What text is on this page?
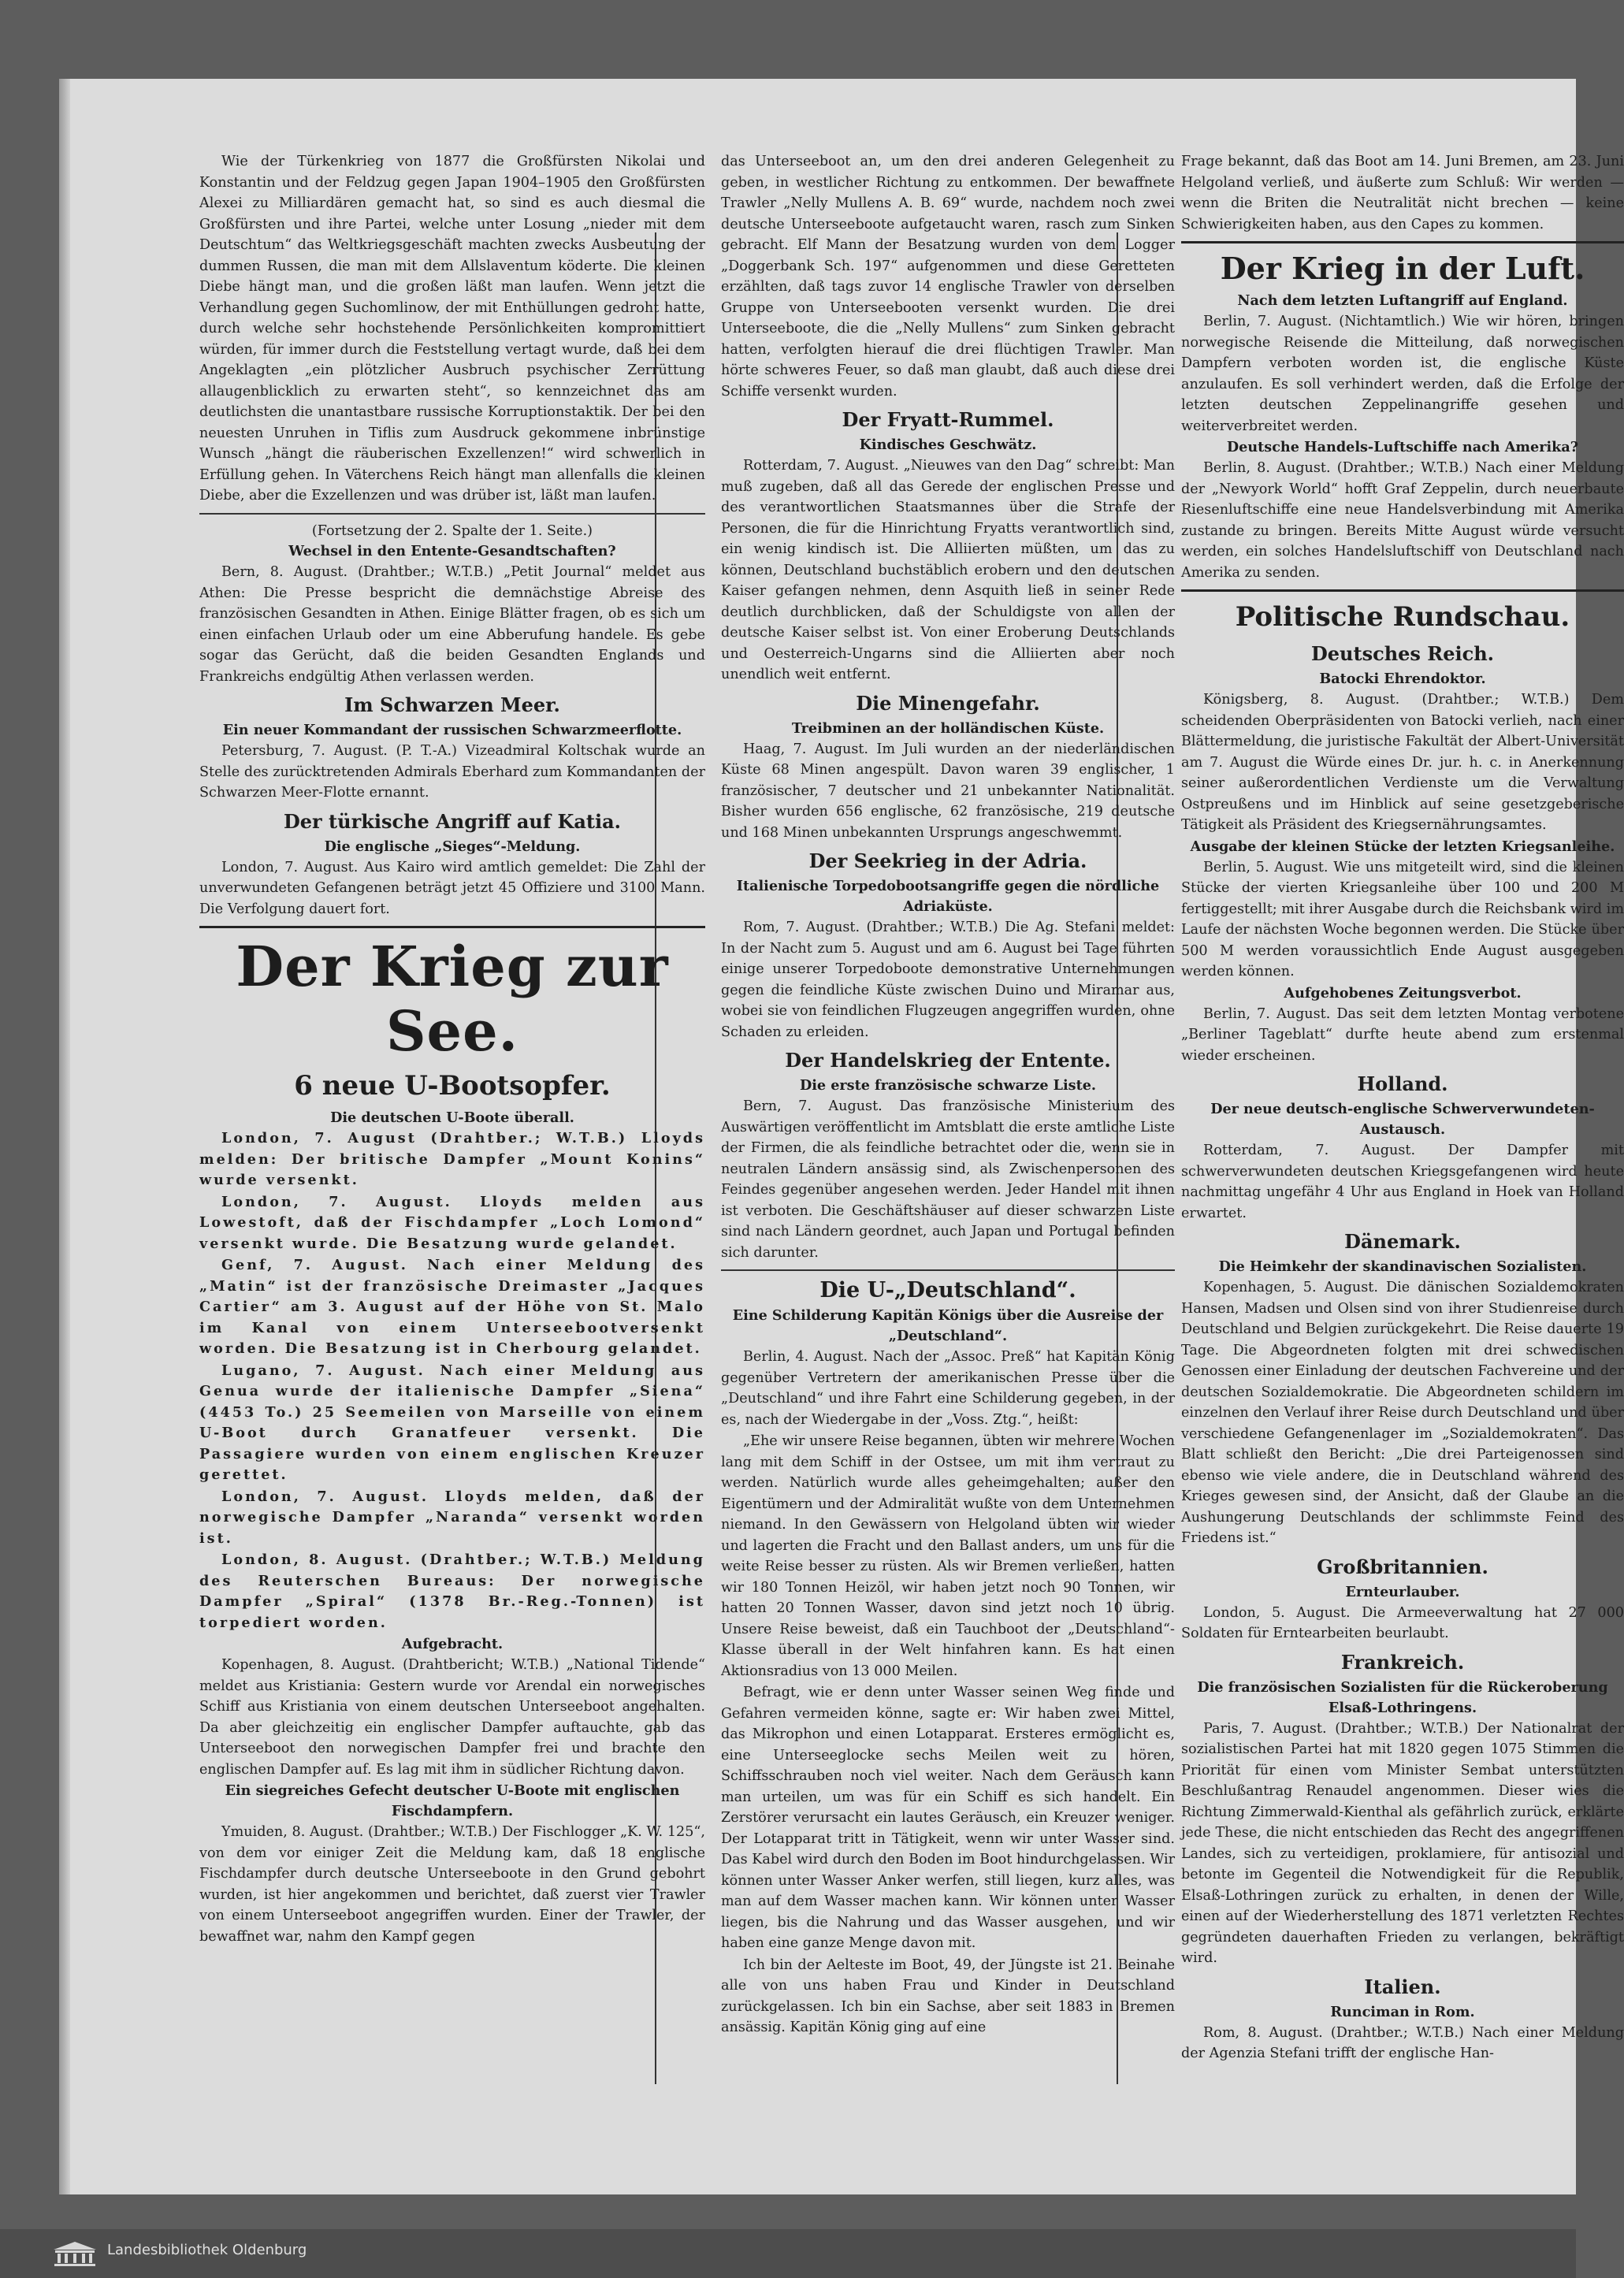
Wie der Türkenkrieg von 1877 die Großfürsten Nikolai und Konstantin und der Feldzug gegen Japan 1904–1905 den Großfürsten Alexei zu Milliardären gemacht hat, so sind es auch diesmal die Großfürsten und ihre Partei, welche unter Losung „nieder mit dem Deutschtum“ das Weltkriegsgeschäft machten zwecks Ausbeutung der dummen Russen, die man mit dem Allslaventum köderte. Die kleinen Diebe hängt man, und die großen läßt man laufen. Wenn jetzt die Verhandlung gegen Suchomlinow, der mit Enthüllungen gedroht hatte, durch welche sehr hochstehende Persönlichkeiten kompromittiert würden, für immer durch die Feststellung vertagt wurde, daß bei dem Angeklagten „ein plötzlicher Ausbruch psychischer Zerrüttung allaugenblicklich zu erwarten steht“, so kennzeichnet das am deutlichsten die unantastbare russische Korruptionstaktik. Der bei den neuesten Unruhen in Tiflis zum Ausdruck gekommene inbrünstige Wunsch „hängt die räuberischen Exzellenzen!“ wird schwerlich in Erfüllung gehen. In Väterchens Reich hängt man allenfalls die kleinen Diebe, aber die Exzellenzen und was drüber ist, läßt man laufen.

(Fortsetzung der 2. Spalte der 1. Seite.)

Wechsel in den Entente-Gesandtschaften?

Bern, 8. August. (Drahtber.; W.T.B.) „Petit Journal“ meldet aus Athen: Die Presse bespricht die demnächstige Abreise des französischen Gesandten in Athen. Einige Blätter fragen, ob es sich um einen einfachen Urlaub oder um eine Abberufung handele. Es gebe sogar das Gerücht, daß die beiden Gesandten Englands und Frankreichs endgültig Athen verlassen werden.

Im Schwarzen Meer.
Ein neuer Kommandant der russischen Schwarzmeerflotte.

Petersburg, 7. August. (P. T.-A.) Vizeadmiral Koltschak wurde an Stelle des zurücktretenden Admirals Eberhard zum Kommandanten der Schwarzen Meer-Flotte ernannt.

Der türkische Angriff auf Katia.
Die englische „Sieges“-Meldung.

London, 7. August. Aus Kairo wird amtlich gemeldet: Die Zahl der unverwundeten Gefangenen beträgt jetzt 45 Offiziere und 3100 Mann. Die Verfolgung dauert fort.

Der Krieg zur See.
6 neue U-Bootsopfer.
Die deutschen U-Boote überall.

London, 7. August (Drahtber.; W.T.B.) Lloyds melden: Der britische Dampfer „Mount Konins“ wurde versenkt.

London, 7. August. Lloyds melden aus Lowestoft, daß der Fischdampfer „Loch Lomond“ versenkt wurde. Die Besatzung wurde gelandet.

Genf, 7. August. Nach einer Meldung des „Matin“ ist der französische Dreimaster „Jacques Cartier“ am 3. August auf der Höhe von St. Malo im Kanal von einem Unterseebootversenkt worden. Die Besatzung ist in Cherbourg gelandet.

Lugano, 7. August. Nach einer Meldung aus Genua wurde der italienische Dampfer „Siena“ (4453 To.) 25 Seemeilen von Marseille von einem U-Boot durch Granatfeuer versenkt. Die Passagiere wurden von einem englischen Kreuzer gerettet.

London, 7. August. Lloyds melden, daß der norwegische Dampfer „Naranda“ versenkt worden ist.

London, 8. August. (Drahtber.; W.T.B.) Meldung des Reuterschen Bureaus: Der norwegische Dampfer „Spiral“ (1378 Br.-Reg.-Tonnen) ist torpediert worden.

Aufgebracht.

Kopenhagen, 8. August. (Drahtbericht; W.T.B.) „National Tidende“ meldet aus Kristiania: Gestern wurde vor Arendal ein norwegisches Schiff aus Kristiania von einem deutschen Unterseeboot angehalten. Da aber gleichzeitig ein englischer Dampfer auftauchte, gab das Unterseeboot den norwegischen Dampfer frei und brachte den englischen Dampfer auf. Es lag mit ihm in südlicher Richtung davon.

Ein siegreiches Gefecht deutscher U-Boote mit englischen Fischdampfern.

Ymuiden, 8. August. (Drahtber.; W.T.B.) Der Fischlogger „K. W. 125“, von dem vor einiger Zeit die Meldung kam, daß 18 englische Fischdampfer durch deutsche Unterseeboote in den Grund gebohrt wurden, ist hier angekommen und berichtet, daß zuerst vier Trawler von einem Unterseeboot angegriffen wurden. Einer der Trawler, der bewaffnet war, nahm den Kampf gegen

das Unterseeboot an, um den drei anderen Gelegenheit zu geben, in westlicher Richtung zu entkommen. Der bewaffnete Trawler „Nelly Mullens A. B. 69“ wurde, nachdem noch zwei deutsche Unterseeboote aufgetaucht waren, rasch zum Sinken gebracht. Elf Mann der Besatzung wurden von dem Logger „Doggerbank Sch. 197“ aufgenommen und diese Geretteten erzählten, daß tags zuvor 14 englische Trawler von derselben Gruppe von Unterseebooten versenkt wurden. Die drei Unterseeboote, die die „Nelly Mullens“ zum Sinken gebracht hatten, verfolgten hierauf die drei flüchtigen Trawler. Man hörte schweres Feuer, so daß man glaubt, daß auch diese drei Schiffe versenkt wurden.

Der Fryatt-Rummel.
Kindisches Geschwätz.

Rotterdam, 7. August. „Nieuwes van den Dag“ schreibt: Man muß zugeben, daß all das Gerede der englischen Presse und des verantwortlichen Staatsmannes über die Strafe der Personen, die für die Hinrichtung Fryatts verantwortlich sind, ein wenig kindisch ist. Die Alliierten müßten, um das zu können, Deutschland buchstäblich erobern und den deutschen Kaiser gefangen nehmen, denn Asquith ließ in seiner Rede deutlich durchblicken, daß der Schuldigste von allen der deutsche Kaiser selbst ist. Von einer Eroberung Deutschlands und Oesterreich-Ungarns sind die Alliierten aber noch unendlich weit entfernt.

Die Minengefahr.
Treibminen an der holländischen Küste.

Haag, 7. August. Im Juli wurden an der niederländischen Küste 68 Minen angespült. Davon waren 39 englischer, 1 französischer, 7 deutscher und 21 unbekannter Nationalität. Bisher wurden 656 englische, 62 französische, 219 deutsche und 168 Minen unbekannten Ursprungs angeschwemmt.

Der Seekrieg in der Adria.
Italienische Torpedobootsangriffe gegen die nördliche Adriaküste.

Rom, 7. August. (Drahtber.; W.T.B.) Die Ag. Stefani meldet: In der Nacht zum 5. August und am 6. August bei Tage führten einige unserer Torpedoboote demonstrative Unternehmungen gegen die feindliche Küste zwischen Duino und Miramar aus, wobei sie von feindlichen Flugzeugen angegriffen wurden, ohne Schaden zu erleiden.

Der Handelskrieg der Entente.
Die erste französische schwarze Liste.

Bern, 7. August. Das französische Ministerium des Auswärtigen veröffentlicht im Amtsblatt die erste amtliche Liste der Firmen, die als feindliche betrachtet oder die, wenn sie in neutralen Ländern ansässig sind, als Zwischenpersonen des Feindes gegenüber angesehen werden. Jeder Handel mit ihnen ist verboten. Die Geschäftshäuser auf dieser schwarzen Liste sind nach Ländern geordnet, auch Japan und Portugal befinden sich darunter.

Die U-„Deutschland“.
Eine Schilderung Kapitän Königs über die Ausreise der „Deutschland“.

Berlin, 4. August. Nach der „Assoc. Preß“ hat Kapitän König gegenüber Vertretern der amerikanischen Presse über die „Deutschland“ und ihre Fahrt eine Schilderung gegeben, in der es, nach der Wiedergabe in der „Voss. Ztg.“, heißt:

„Ehe wir unsere Reise begannen, übten wir mehrere Wochen lang mit dem Schiff in der Ostsee, um mit ihm vertraut zu werden. Natürlich wurde alles geheimgehalten; außer den Eigentümern und der Admiralität wußte von dem Unternehmen niemand. In den Gewässern von Helgoland übten wir wieder und lagerten die Fracht und den Ballast anders, um uns für die weite Reise besser zu rüsten. Als wir Bremen verließen, hatten wir 180 Tonnen Heizöl, wir haben jetzt noch 90 Tonnen, wir hatten 20 Tonnen Wasser, davon sind jetzt noch 10 übrig. Unsere Reise beweist, daß ein Tauchboot der „Deutschland“-Klasse überall in der Welt hinfahren kann. Es hat einen Aktionsradius von 13 000 Meilen.

Befragt, wie er denn unter Wasser seinen Weg finde und Gefahren vermeiden könne, sagte er: Wir haben zwei Mittel, das Mikrophon und einen Lotapparat. Ersteres ermöglicht es, eine Unterseeglocke sechs Meilen weit zu hören, Schiffsschrauben noch viel weiter. Nach dem Geräusch kann man urteilen, um was für ein Schiff es sich handelt. Ein Zerstörer verursacht ein lautes Geräusch, ein Kreuzer weniger. Der Lotapparat tritt in Tätigkeit, wenn wir unter Wasser sind. Das Kabel wird durch den Boden im Boot hindurchgelassen. Wir können unter Wasser Anker werfen, still liegen, kurz alles, was man auf dem Wasser machen kann. Wir können unter Wasser liegen, bis die Nahrung und das Wasser ausgehen, und wir haben eine ganze Menge davon mit.

Ich bin der Aelteste im Boot, 49, der Jüngste ist 21. Beinahe alle von uns haben Frau und Kinder in Deutschland zurückgelassen. Ich bin ein Sachse, aber seit 1883 in Bremen ansässig. Kapitän König ging auf eine

Frage bekannt, daß das Boot am 14. Juni Bremen, am 23. Juni Helgoland verließ, und äußerte zum Schluß: Wir werden — wenn die Briten die Neutralität nicht brechen — keine Schwierigkeiten haben, aus den Capes zu kommen.

Der Krieg in der Luft.
Nach dem letzten Luftangriff auf England.

Berlin, 7. August. (Nichtamtlich.) Wie wir hören, bringen norwegische Reisende die Mitteilung, daß norwegischen Dampfern verboten worden ist, die englische Küste anzulaufen. Es soll verhindert werden, daß die Erfolge der letzten deutschen Zeppelinangriffe gesehen und weiterverbreitet werden.

Deutsche Handels-Luftschiffe nach Amerika?

Berlin, 8. August. (Drahtber.; W.T.B.) Nach einer Meldung der „Newyork World“ hofft Graf Zeppelin, durch neuerbaute Riesenluftschiffe eine neue Handelsverbindung mit Amerika zustande zu bringen. Bereits Mitte August würde versucht werden, ein solches Handelsluftschiff von Deutschland nach Amerika zu senden.

Politische Rundschau.
Deutsches Reich.
Batocki Ehrendoktor.

Königsberg, 8. August. (Drahtber.; W.T.B.) Dem scheidenden Oberpräsidenten von Batocki verlieh, nach einer Blättermeldung, die juristische Fakultät der Albert-Universität am 7. August die Würde eines Dr. jur. h. c. in Anerkennung seiner außerordentlichen Verdienste um die Verwaltung Ostpreußens und im Hinblick auf seine gesetzgeberische Tätigkeit als Präsident des Kriegsernährungsamtes.

Ausgabe der kleinen Stücke der letzten Kriegsanleihe.

Berlin, 5. August. Wie uns mitgeteilt wird, sind die kleinen Stücke der vierten Kriegsanleihe über 100 und 200 M fertiggestellt; mit ihrer Ausgabe durch die Reichsbank wird im Laufe der nächsten Woche begonnen werden. Die Stücke über 500 M werden voraussichtlich Ende August ausgegeben werden können.

Aufgehobenes Zeitungsverbot.

Berlin, 7. August. Das seit dem letzten Montag verbotene „Berliner Tageblatt“ durfte heute abend zum erstenmal wieder erscheinen.

Holland.
Der neue deutsch-englische Schwerverwundeten-Austausch.

Rotterdam, 7. August. Der Dampfer mit schwerverwundeten deutschen Kriegsgefangenen wird heute nachmittag ungefähr 4 Uhr aus England in Hoek van Holland erwartet.

Dänemark.
Die Heimkehr der skandinavischen Sozialisten.

Kopenhagen, 5. August. Die dänischen Sozialdemokraten Hansen, Madsen und Olsen sind von ihrer Studienreise durch Deutschland und Belgien zurückgekehrt. Die Reise dauerte 19 Tage. Die Abgeordneten folgten mit drei schwedischen Genossen einer Einladung der deutschen Fachvereine und der deutschen Sozialdemokratie. Die Abgeordneten schildern im einzelnen den Verlauf ihrer Reise durch Deutschland und über verschiedene Gefangenenlager im „Sozialdemokraten“. Das Blatt schließt den Bericht: „Die drei Parteigenossen sind ebenso wie viele andere, die in Deutschland während des Krieges gewesen sind, der Ansicht, daß der Glaube an die Aushungerung Deutschlands der schlimmste Feind des Friedens ist.“

Großbritannien.
Ernteurlauber.

London, 5. August. Die Armeeverwaltung hat 27 000 Soldaten für Erntearbeiten beurlaubt.

Frankreich.
Die französischen Sozialisten für die Rückeroberung Elsaß-Lothringens.

Paris, 7. August. (Drahtber.; W.T.B.) Der Nationalrat der sozialistischen Partei hat mit 1820 gegen 1075 Stimmen die Priorität für einen vom Minister Sembat unterstützten Beschlußantrag Renaudel angenommen. Dieser wies die Richtung Zimmerwald-Kienthal als gefährlich zurück, erklärte jede These, die nicht entschieden das Recht des angegriffenen Landes, sich zu verteidigen, proklamiere, für antisozial und betonte im Gegenteil die Notwendigkeit für die Republik, Elsaß-Lothringen zurück zu erhalten, in denen der Wille, einen auf der Wiederherstellung des 1871 verletzten Rechtes gegründeten dauerhaften Frieden zu verlangen, bekräftigt wird.

Italien.
Runciman in Rom.

Rom, 8. August. (Drahtber.; W.T.B.) Nach einer Meldung der Agenzia Stefani trifft der englische Han-

Landesbibliothek Oldenburg
